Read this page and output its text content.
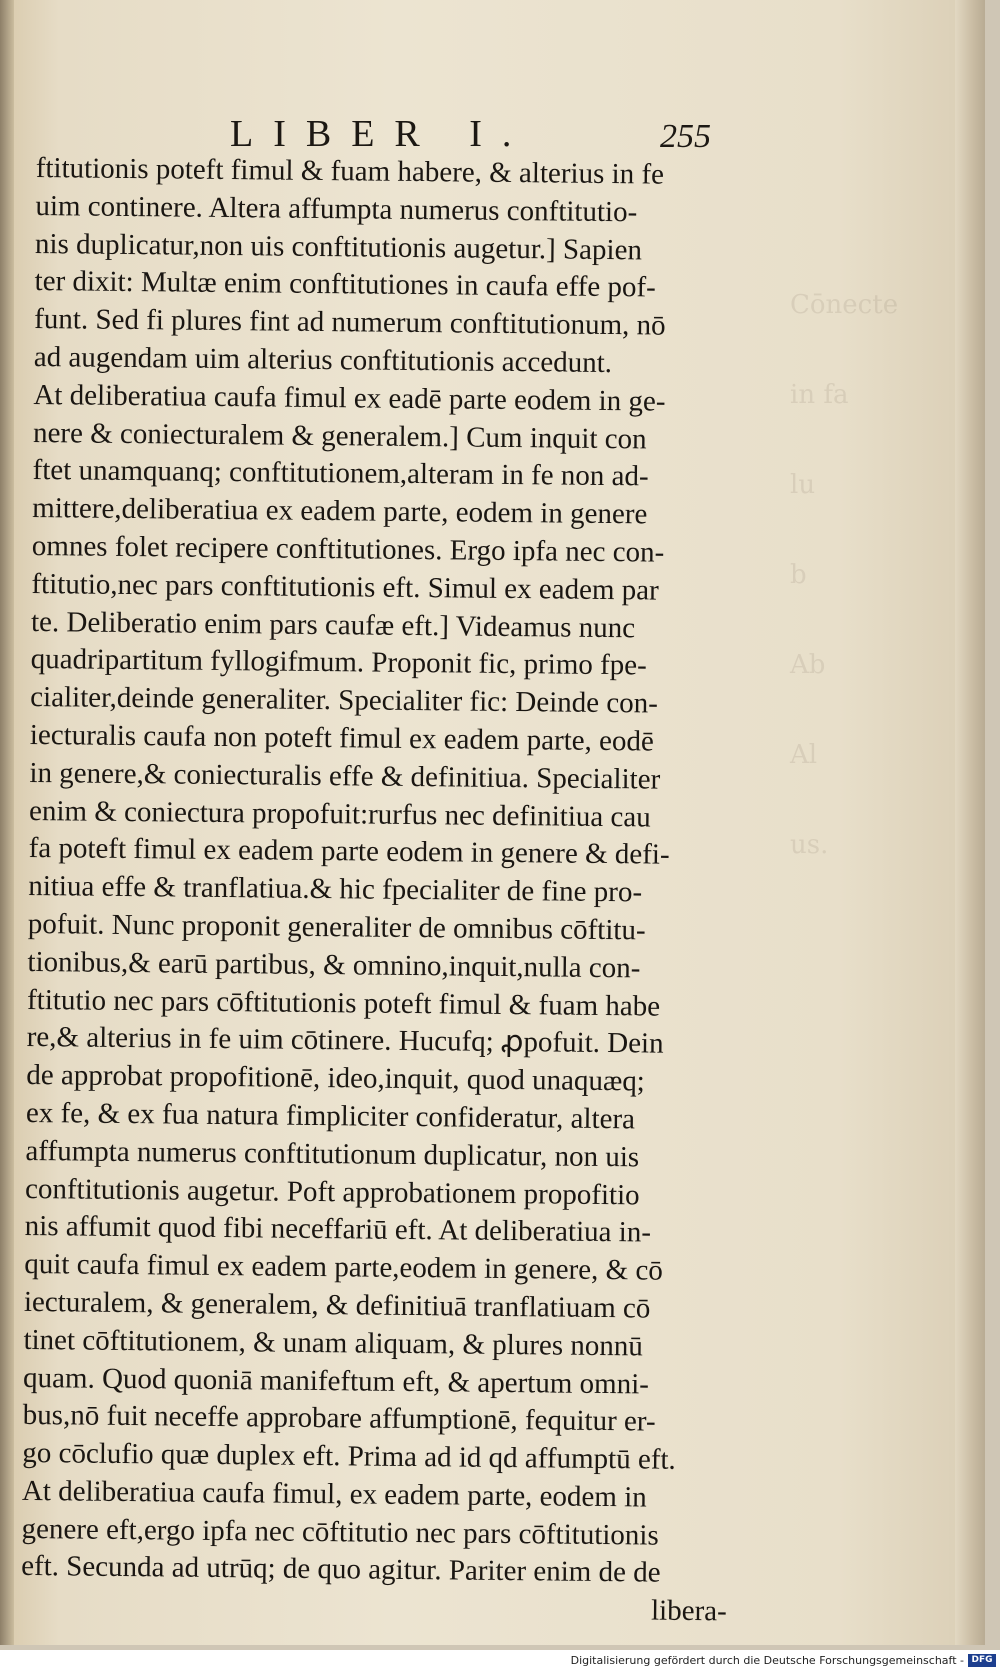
Cōnecte
in fa
lu
b
Ab
Al
us.
LIBER I.	255
ftitutionis poteft fimul & fuam habere, & alterius in fe
uim continere. Altera affumpta numerus conftitutio-
nis duplicatur,non uis conftitutionis augetur.] Sapien
ter dixit: Multæ enim conftitutiones in caufa effe pof-
funt. Sed fi plures fint ad numerum conftitutionum, nō
ad augendam uim alterius conftitutionis accedunt.
At deliberatiua caufa fimul ex eadē parte eodem in ge-
nere & coniecturalem & generalem.] Cum inquit con
ftet unamquanq; conftitutionem,alteram in fe non ad-
mittere,deliberatiua ex eadem parte, eodem in genere
omnes folet recipere conftitutiones. Ergo ipfa nec con-
ftitutio,nec pars conftitutionis eft. Simul ex eadem par
te. Deliberatio enim pars caufæ eft.] Videamus nunc
quadripartitum fyllogifmum. Proponit fic, primo fpe-
cialiter,deinde generaliter. Specialiter fic: Deinde con-
iecturalis caufa non poteft fimul ex eadem parte, eodē
in genere,& coniecturalis effe & definitiua. Specialiter
enim & coniectura propofuit:rurfus nec definitiua cau
fa poteft fimul ex eadem parte eodem in genere & defi-
nitiua effe & tranflatiua.& hic fpecialiter de fine pro-
pofuit. Nunc proponit generaliter de omnibus cōftitu-
tionibus,& earū partibus, & omnino,inquit,nulla con-
ftitutio nec pars cōftitutionis poteft fimul & fuam habe
re,& alterius in fe uim cōtinere. Hucufq; ꝓpofuit. Dein
de approbat propofitionē, ideo,inquit, quod unaquæq;
ex fe, & ex fua natura fimpliciter confideratur, altera
affumpta numerus conftitutionum duplicatur, non uis
conftitutionis augetur. Poft approbationem propofitio
nis affumit quod fibi neceffariū eft. At deliberatiua in-
quit caufa fimul ex eadem parte,eodem in genere, & cō
iecturalem, & generalem, & definitiuā tranflatiuam cō
tinet cōftitutionem, & unam aliquam, & plures nonnū
quam. Quod quoniā manifeftum eft, & apertum omni-
bus,nō fuit neceffe approbare affumptionē, fequitur er-
go cōclufio quæ duplex eft. Prima ad id qd affumptū eft.
At deliberatiua caufa fimul, ex eadem parte, eodem in
genere eft,ergo ipfa nec cōftitutio nec pars cōftitutionis
eft. Secunda ad utrūq; de quo agitur. Pariter enim de de
libera-
Digitalisierung gefördert durch die Deutsche Forschungsgemeinschaft - DFG
